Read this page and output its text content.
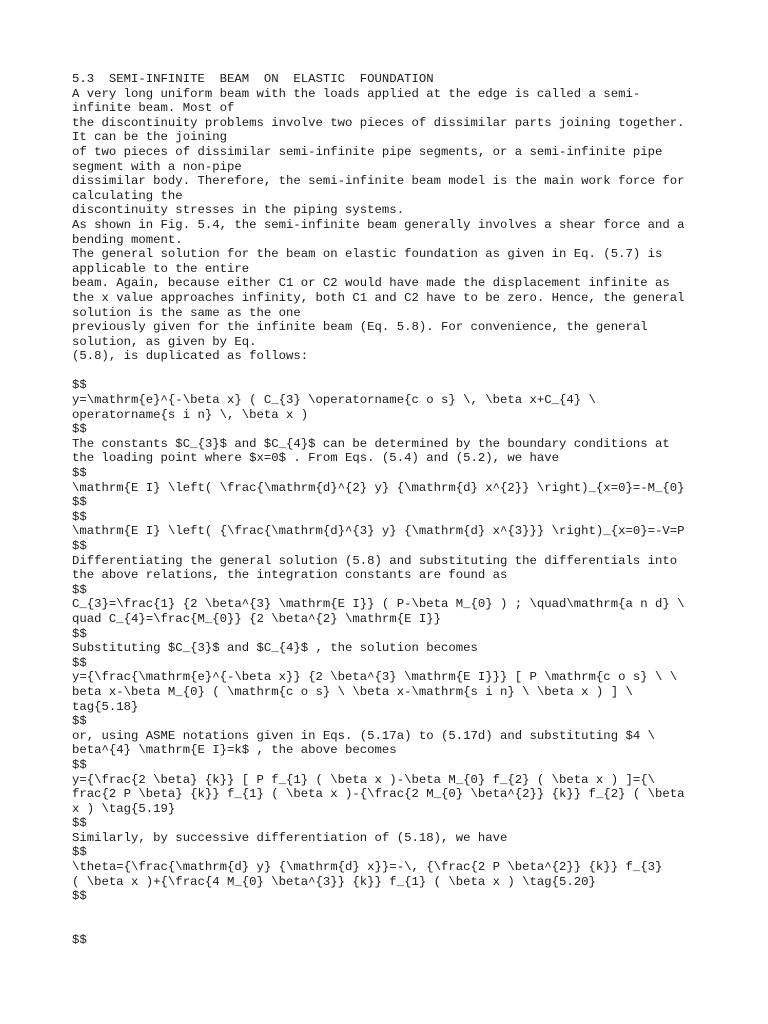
5.3  SEMI-INFINITE  BEAM  ON  ELASTIC  FOUNDATION
A very long uniform beam with the loads applied at the edge is called a semi-
infinite beam. Most of
the discontinuity problems involve two pieces of dissimilar parts joining together.
It can be the joining
of two pieces of dissimilar semi-infinite pipe segments, or a semi-infinite pipe
segment with a non-pipe
dissimilar body. Therefore, the semi-infinite beam model is the main work force for
calculating the
discontinuity stresses in the piping systems.
As shown in Fig. 5.4, the semi-infinite beam generally involves a shear force and a
bending moment.
The general solution for the beam on elastic foundation as given in Eq. (5.7) is
applicable to the entire
beam. Again, because either C1 or C2 would have made the displacement infinite as
the x value approaches infinity, both C1 and C2 have to be zero. Hence, the general
solution is the same as the one
previously given for the infinite beam (Eq. 5.8). For convenience, the general
solution, as given by Eq.
(5.8), is duplicated as follows:
$$
y=\mathrm{e}^{-\beta x} ( C_{3} \operatorname{c o s} \, \beta x+C_{4} \
operatorname{s i n} \, \beta x )
$$
The constants $C_{3}$ and $C_{4}$ can be determined by the boundary conditions at
the loading point where $x=0$ . From Eqs. (5.4) and (5.2), we have
$$
\mathrm{E I} \left( \frac{\mathrm{d}^{2} y} {\mathrm{d} x^{2}} \right)_{x=0}=-M_{0}
$$
$$
\mathrm{E I} \left( {\frac{\mathrm{d}^{3} y} {\mathrm{d} x^{3}}} \right)_{x=0}=-V=P
$$
Differentiating the general solution (5.8) and substituting the differentials into
the above relations, the integration constants are found as
$$
C_{3}=\frac{1} {2 \beta^{3} \mathrm{E I}} ( P-\beta M_{0} ) ; \quad\mathrm{a n d} \
quad C_{4}=\frac{M_{0}} {2 \beta^{2} \mathrm{E I}}
$$
Substituting $C_{3}$ and $C_{4}$ , the solution becomes
$$
y={\frac{\mathrm{e}^{-\beta x}} {2 \beta^{3} \mathrm{E I}}} [ P \mathrm{c o s} \ \
beta x-\beta M_{0} ( \mathrm{c o s} \ \beta x-\mathrm{s i n} \ \beta x ) ] \
tag{5.18}
$$
or, using ASME notations given in Eqs. (5.17a) to (5.17d) and substituting $4 \
beta^{4} \mathrm{E I}=k$ , the above becomes
$$
y={\frac{2 \beta} {k}} [ P f_{1} ( \beta x )-\beta M_{0} f_{2} ( \beta x ) ]={\
frac{2 P \beta} {k}} f_{1} ( \beta x )-{\frac{2 M_{0} \beta^{2}} {k}} f_{2} ( \beta
x ) \tag{5.19}
$$
Similarly, by successive differentiation of (5.18), we have
$$
\theta={\frac{\mathrm{d} y} {\mathrm{d} x}}=-\, {\frac{2 P \beta^{2}} {k}} f_{3}
( \beta x )+{\frac{4 M_{0} \beta^{3}} {k}} f_{1} ( \beta x ) \tag{5.20}
$$
$$
